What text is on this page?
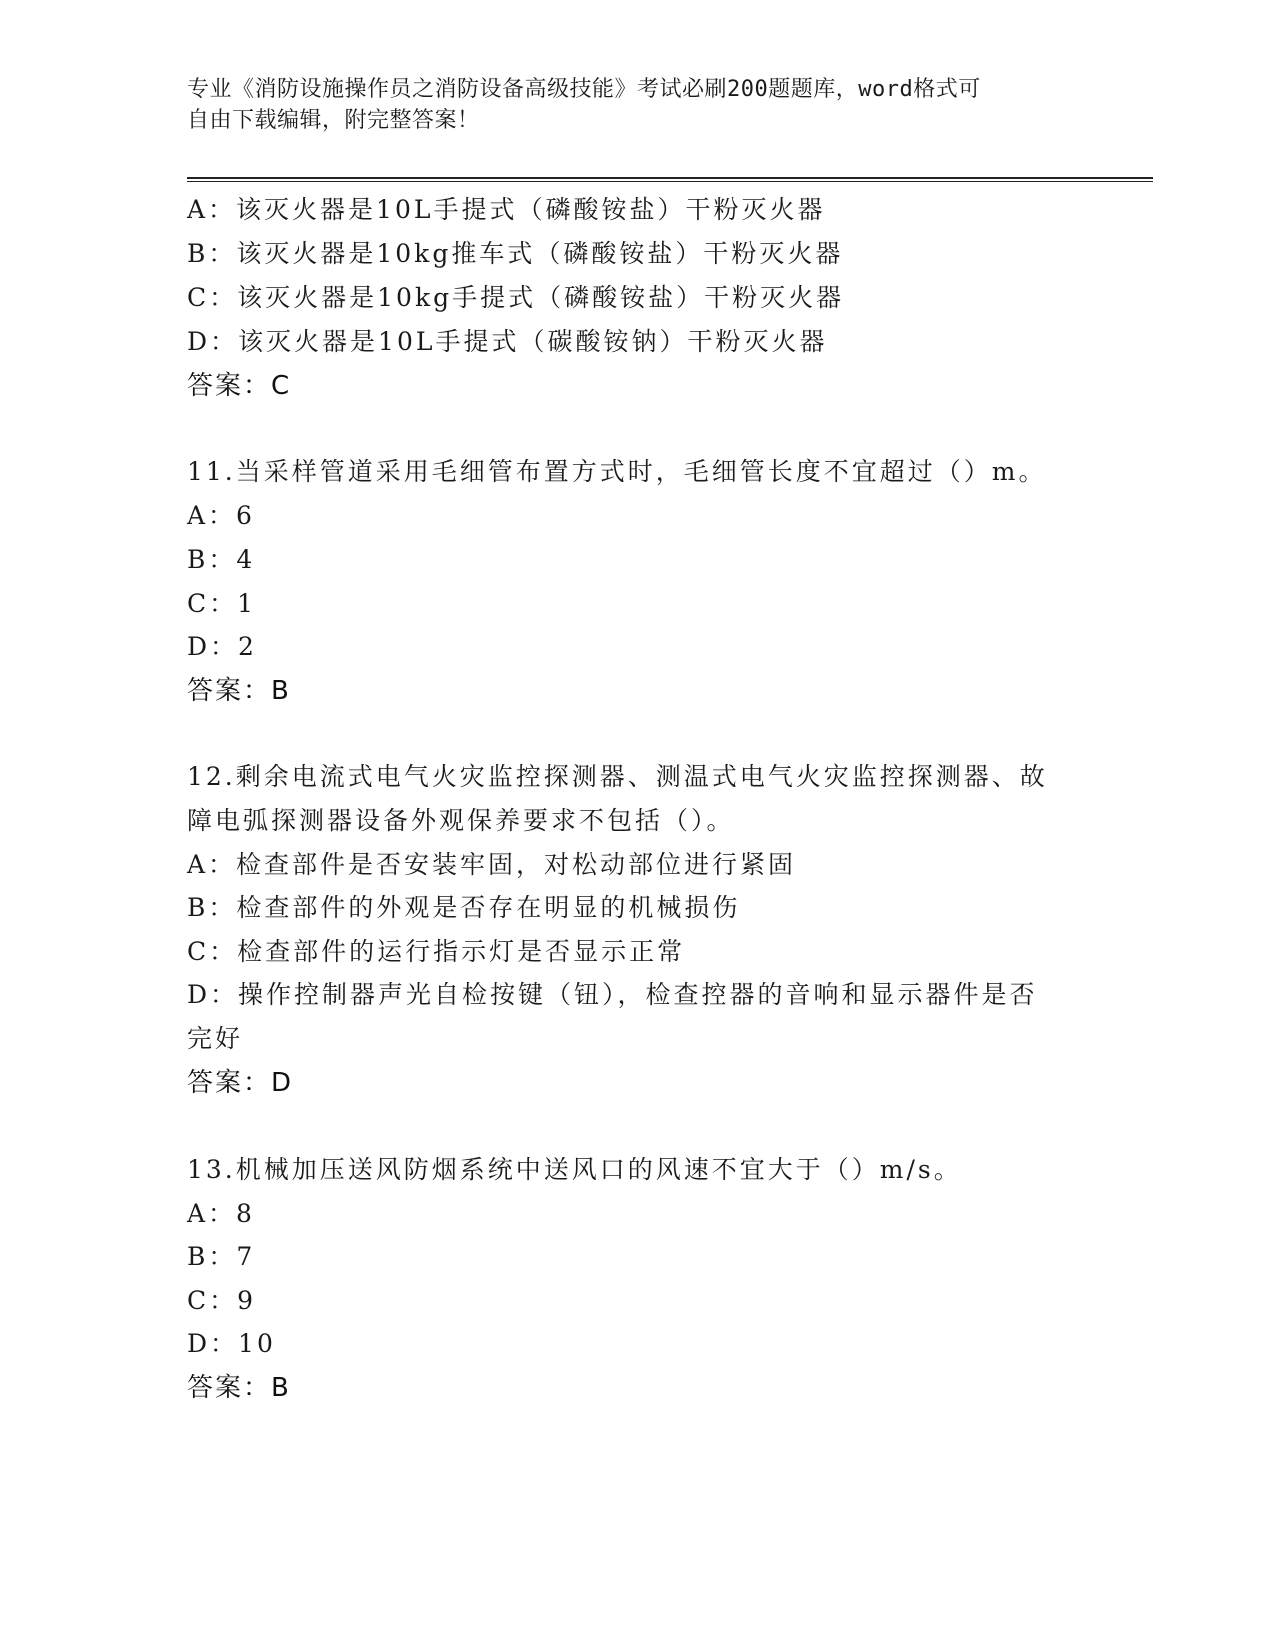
专业《消防设施操作员之消防设备高级技能》考试必刷200题题库，word格式可
自由下载编辑，附完整答案！
A：该灭火器是10L手提式（磷酸铵盐）干粉灭火器
B：该灭火器是10kg推车式（磷酸铵盐）干粉灭火器
C：该灭火器是10kg手提式（磷酸铵盐）干粉灭火器
D：该灭火器是10L手提式（碳酸铵钠）干粉灭火器
答案：C
11.当采样管道采用毛细管布置方式时，毛细管长度不宜超过（）m。
A：6
B：4
C：1
D：2
答案：B
12.剩余电流式电气火灾监控探测器、测温式电气火灾监控探测器、故
障电弧探测器设备外观保养要求不包括（）。
A：检查部件是否安装牢固，对松动部位进行紧固
B：检查部件的外观是否存在明显的机械损伤
C：检查部件的运行指示灯是否显示正常
D：操作控制器声光自检按键（钮），检查控器的音响和显示器件是否
完好
答案：D
13.机械加压送风防烟系统中送风口的风速不宜大于（）m/s。
A：8
B：7
C：9
D：10
答案：B
